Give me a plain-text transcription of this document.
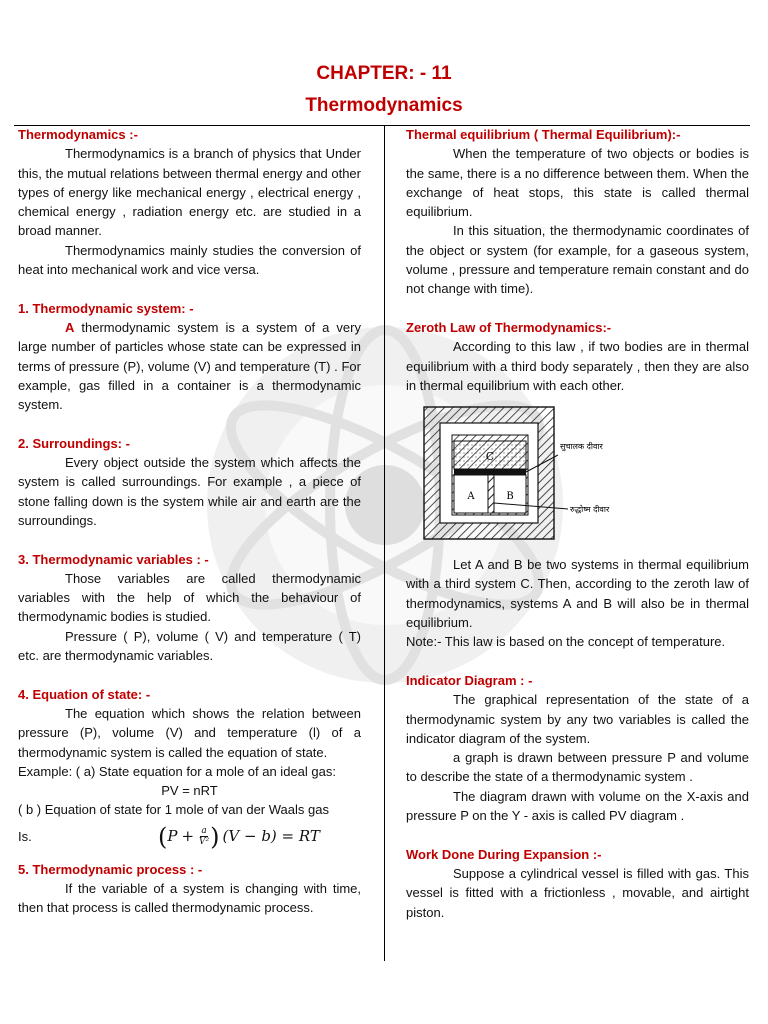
CHAPTER: - 11
Thermodynamics
Thermodynamics :-

Thermodynamics is a branch of physics that Under this, the mutual relations between thermal energy and other types of energy like mechanical energy , electrical energy , chemical energy , radiation energy etc. are studied in a broad manner.

Thermodynamics mainly studies the conversion of heat into mechanical work and vice versa.

1. Thermodynamic system: -

A thermodynamic system is a system of a very large number of particles whose state can be expressed in terms of pressure (P), volume (V) and temperature (T) . For example, gas filled in a container is a thermodynamic system.

2. Surroundings: -

Every object outside the system which affects the system is called surroundings. For example , a piece of stone falling down is the system while air and earth are the surroundings.

3. Thermodynamic variables : -

Those variables are called thermodynamic variables with the help of which the behaviour of thermodynamic bodies is studied.

Pressure ( P), volume ( V) and temperature ( T) etc. are thermodynamic variables.

4. Equation of state: -

The equation which shows the relation between pressure (P), volume (V) and temperature (l) of a thermodynamic system is called the equation of state.

Example: ( a) State equation for a mole of an ideal gas:

PV = nRT

( b ) Equation of state for 1 mole of van der Waals gas

Is.	( $P + \frac{a}{\text{V²}}$ ) (V − b) = RT
5. Thermodynamic process : -

If the variable of a system is changing with time, then that process is called thermodynamic process.

Thermal equilibrium ( Thermal Equilibrium):-

When the temperature of two objects or bodies is the same, there is a no difference between them. When the exchange of heat stops, this state is called thermal equilibrium.

In this situation, the thermodynamic coordinates of the object or system (for example, for a gaseous system, volume , pressure and temperature remain constant and do not change with time).

Zeroth Law of Thermodynamics:-

According to this law , if two bodies are in thermal equilibrium with a third body separately , then they are also in thermal equilibrium with each other.

C
A	B
सुचालक दीवार
रुद्धोष्म दीवार

Let A and B be two systems in thermal equilibrium with a third system C. Then, according to the zeroth law of thermodynamics, systems A and B will also be in thermal equilibrium.

Note:- This law is based on the concept of temperature.

Indicator Diagram : -

The graphical representation of the state of a thermodynamic system by any two variables is called the indicator diagram of the system.

a graph is drawn between pressure P and volume to describe the state of a thermodynamic system .

The diagram drawn with volume on the X-axis and pressure P on the Y - axis is called PV diagram .

Work Done During Expansion :-

Suppose a cylindrical vessel is filled with gas. This vessel is fitted with a frictionless , movable, and airtight piston.
